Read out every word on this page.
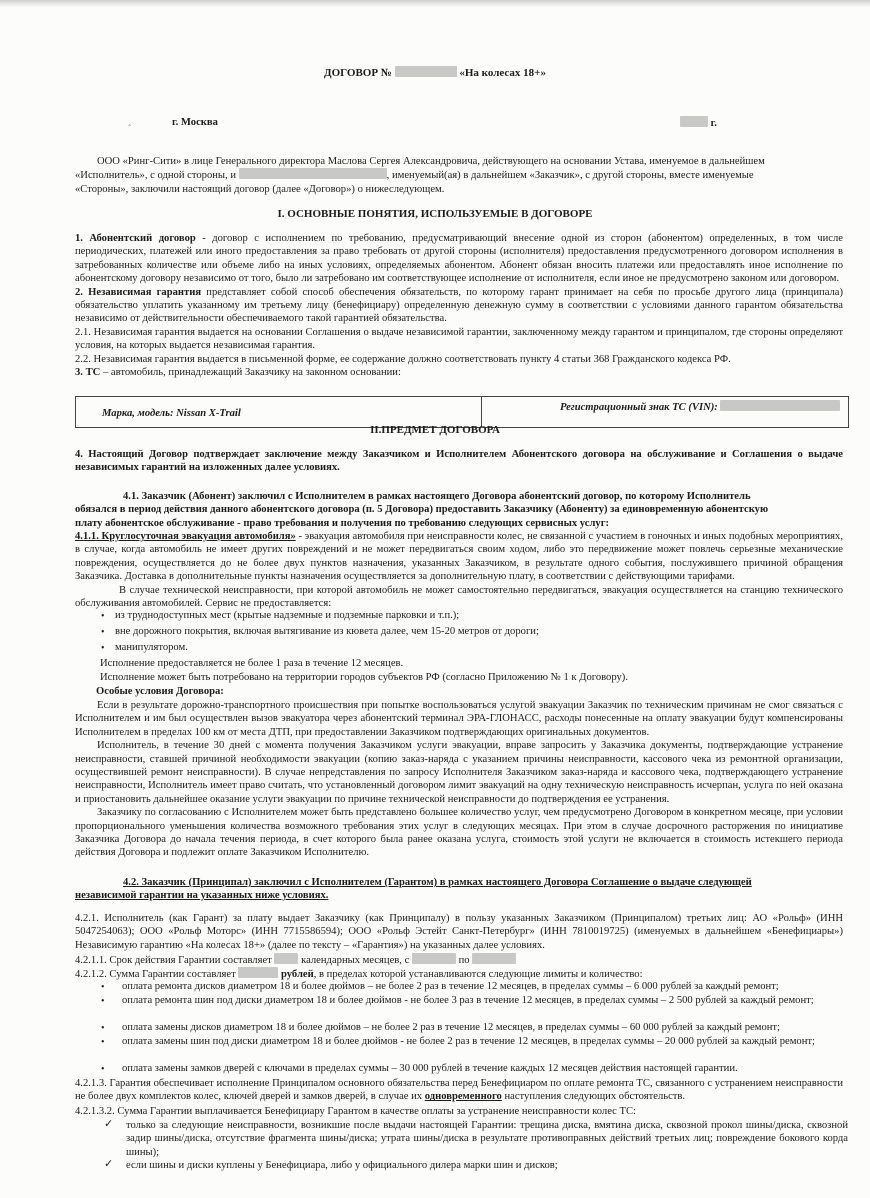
ДОГОВОР №	«На колесах 18+»
ˆ	г. Москва	г.
ООО «Ринг-Сити» в лице Генерального директора Маслова Сергея Александровича, действующего на основании Устава, именуемое в дальнейшем
«Исполнитель», с одной стороны, и	, именуемый(ая) в дальнейшем «Заказчик», с другой стороны, вместе именуемые
«Стороны», заключили настоящий договор (далее «Договор») о нижеследующем.
I. ОСНОВНЫЕ ПОНЯТИЯ, ИСПОЛЬЗУЕМЫЕ В ДОГОВОРЕ
1. Абонентский договор - договор с исполнением по требованию, предусматривающий внесение одной из сторон (абонентом) определенных, в том числе периодических, платежей или иного предоставления за право требовать от другой стороны (исполнителя) предоставления предусмотренного договором исполнения в затребованных количестве или объеме либо на иных условиях, определяемых абонентом. Абонент обязан вносить платежи или предоставлять иное исполнение по абонентскому договору независимо от того, было ли затребовано им соответствующее исполнение от исполнителя, если иное не предусмотрено законом или договором.
2. Независимая гарантия представляет собой способ обеспечения обязательств, по которому гарант принимает на себя по просьбе другого лица (принципала) обязательство уплатить указанному им третьему лицу (бенефициару) определенную денежную сумму в соответствии с условиями данного гарантом обязательства независимо от действительности обеспечиваемого такой гарантией обязательства.
2.1. Независимая гарантия выдается на основании Соглашения о выдаче независимой гарантии, заключенному между гарантом и принципалом, где стороны определяют условия, на которых выдается независимая гарантия.
2.2. Независимая гарантия выдается в письменной форме, ее содержание должно соответствовать пункту 4 статьи 368 Гражданского кодекса РФ.
3. ТС – автомобиль, принадлежащий Заказчику на законном основании:
Марка, модель: Nissan X-Trail
Регистрационный знак ТС (VIN):
II.ПРЕДМЕТ ДОГОВОРА
4. Настоящий Договор подтверждает заключение между Заказчиком и Исполнителем Абонентского договора на обслуживание и Соглашения о выдаче независимых гарантий на изложенных далее условиях.
4.1. Заказчик (Абонент) заключил с Исполнителем в рамках настоящего Договора абонентский договор, по которому Исполнитель
обязался в период действия данного абонентского договора (п. 5 Договора) предоставить Заказчику (Абоненту) за единовременную абонентскую
плату абонентское обслуживание - право требования и получения по требованию следующих сервисных услуг:
4.1.1. Круглосуточная эвакуация автомобиля» - эвакуация автомобиля при неисправности колес, не связанной с участием в гоночных и иных подобных мероприятиях, в случае, когда автомобиль не имеет других повреждений и не может передвигаться своим ходом, либо это передвижение может повлечь серьезные механические повреждения, осуществляется до не более двух пунктов назначения, указанных Заказчиком, в результате одного события, послужившего причиной обращения Заказчика. Доставка в дополнительные пункты назначения осуществляется за дополнительную плату, в соответствии с действующими тарифами.
В случае технической неисправности, при которой автомобиль не может самостоятельно передвигаться, эвакуация осуществляется на станцию технического обслуживания автомобилей. Сервис не предоставляется:
• из труднодоступных мест (крытые надземные и подземные парковки и т.п.);
• вне дорожного покрытия, включая вытягивание из кювета далее, чем 15-20 метров от дороги;
• манипулятором.
Исполнение предоставляется не более 1 раза в течение 12 месяцев.
Исполнение может быть потребовано на территории городов субъектов РФ (согласно Приложению № 1 к Договору).
Особые условия Договора:
Если в результате дорожно-транспортного происшествия при попытке воспользоваться услугой эвакуации Заказчик по техническим причинам не смог связаться с Исполнителем и им был осуществлен вызов эвакуатора через абонентский терминал ЭРА-ГЛОНАСС, расходы понесенные на оплату эвакуации будут компенсированы Исполнителем в пределах 100 км от места ДТП, при предоставлении Заказчиком подтверждающих оригинальных документов.
Исполнитель, в течение 30 дней с момента получения Заказчиком услуги эвакуации, вправе запросить у Заказчика документы, подтверждающие устранение неисправности, ставшей причиной необходимости эвакуации (копию заказ-наряда с указанием причины неисправности, кассового чека из ремонтной организации, осуществившей ремонт неисправности). В случае непредставления по запросу Исполнителя Заказчиком заказ-наряда и кассового чека, подтверждающего устранение неисправности, Исполнитель имеет право считать, что установленный договором лимит эвакуаций на одну техническую неисправность исчерпан, услуга по ней оказана и приостановить дальнейшее оказание услуги эвакуации по причине технической неисправности до подтверждения ее устранения.
Заказчику по согласованию с Исполнителем может быть представлено большее количество услуг, чем предусмотрено Договором в конкретном месяце, при условии пропорционального уменьшения количества возможного требования этих услуг в следующих месяцах. При этом в случае досрочного расторжения по инициативе Заказчика Договора до начала течения периода, в счет которого была ранее оказана услуга, стоимость этой услуги не включается в стоимость истекшего периода действия Договора и подлежит оплате Заказчиком Исполнителю.
4.2. Заказчик (Принципал) заключил с Исполнителем (Гарантом) в рамках настоящего Договора Соглашение о выдаче следующей
независимой гарантии на указанных ниже условиях.
4.2.1. Исполнитель (как Гарант) за плату выдает Заказчику (как Принципалу) в пользу указанных Заказчиком (Принципалом) третьих лиц: АО «Рольф» (ИНН 5047254063); ООО «Рольф Моторс» (ИНН 7715586594); ООО «Рольф Эстейт Санкт-Петербург» (ИНН 7810019725) (именуемых в дальнейшем «Бенефициары») Независимую гарантию «На колесах 18+» (далее по тексту – «Гарантия») на указанных далее условиях.
4.2.1.1. Срок действия Гарантии составляет	календарных месяцев, с	по
4.2.1.2. Сумма Гарантии составляет	рублей, в пределах которой устанавливаются следующие лимиты и количество:
• оплата ремонта дисков диаметром 18 и более дюймов – не более 2 раз в течение 12 месяцев, в пределах суммы – 6 000 рублей за каждый ремонт;
• оплата ремонта шин под диски диаметром 18 и более дюймов - не более 3 раз в течение 12 месяцев, в пределах суммы – 2 500 рублей за каждый ремонт;
• оплата замены дисков диаметром 18 и более дюймов – не более 2 раз в течение 12 месяцев, в пределах суммы – 60 000 рублей за каждый ремонт;
• оплата замены шин под диски диаметром 18 и более дюймов - не более 2 раз в течение 12 месяцев, в пределах суммы – 20 000 рублей за каждый ремонт;
• оплата замены замков дверей с ключами в пределах суммы – 30 000 рублей в течение каждых 12 месяцев действия настоящей гарантии.
4.2.1.3. Гарантия обеспечивает исполнение Принципалом основного обязательства перед Бенефициаром по оплате ремонта ТС, связанного с устранением неисправности не более двух комплектов колес, ключей дверей и замков дверей, в случае их одновременного наступления следующих обстоятельств.
4.2.1.3.2. Сумма Гарантии выплачивается Бенефициару Гарантом в качестве оплаты за устранение неисправности колес ТС:
✓ только за следующие неисправности, возникшие после выдачи настоящей Гарантии: трещина диска, вмятина диска, сквозной прокол шины/диска, сквозной задир шины/диска, отсутствие фрагмента шины/диска; утрата шины/диска в результате противоправных действий третьих лиц; повреждение бокового корда шины);
✓ если шины и диски куплены у Бенефициара, либо у официального дилера марки шин и дисков;
